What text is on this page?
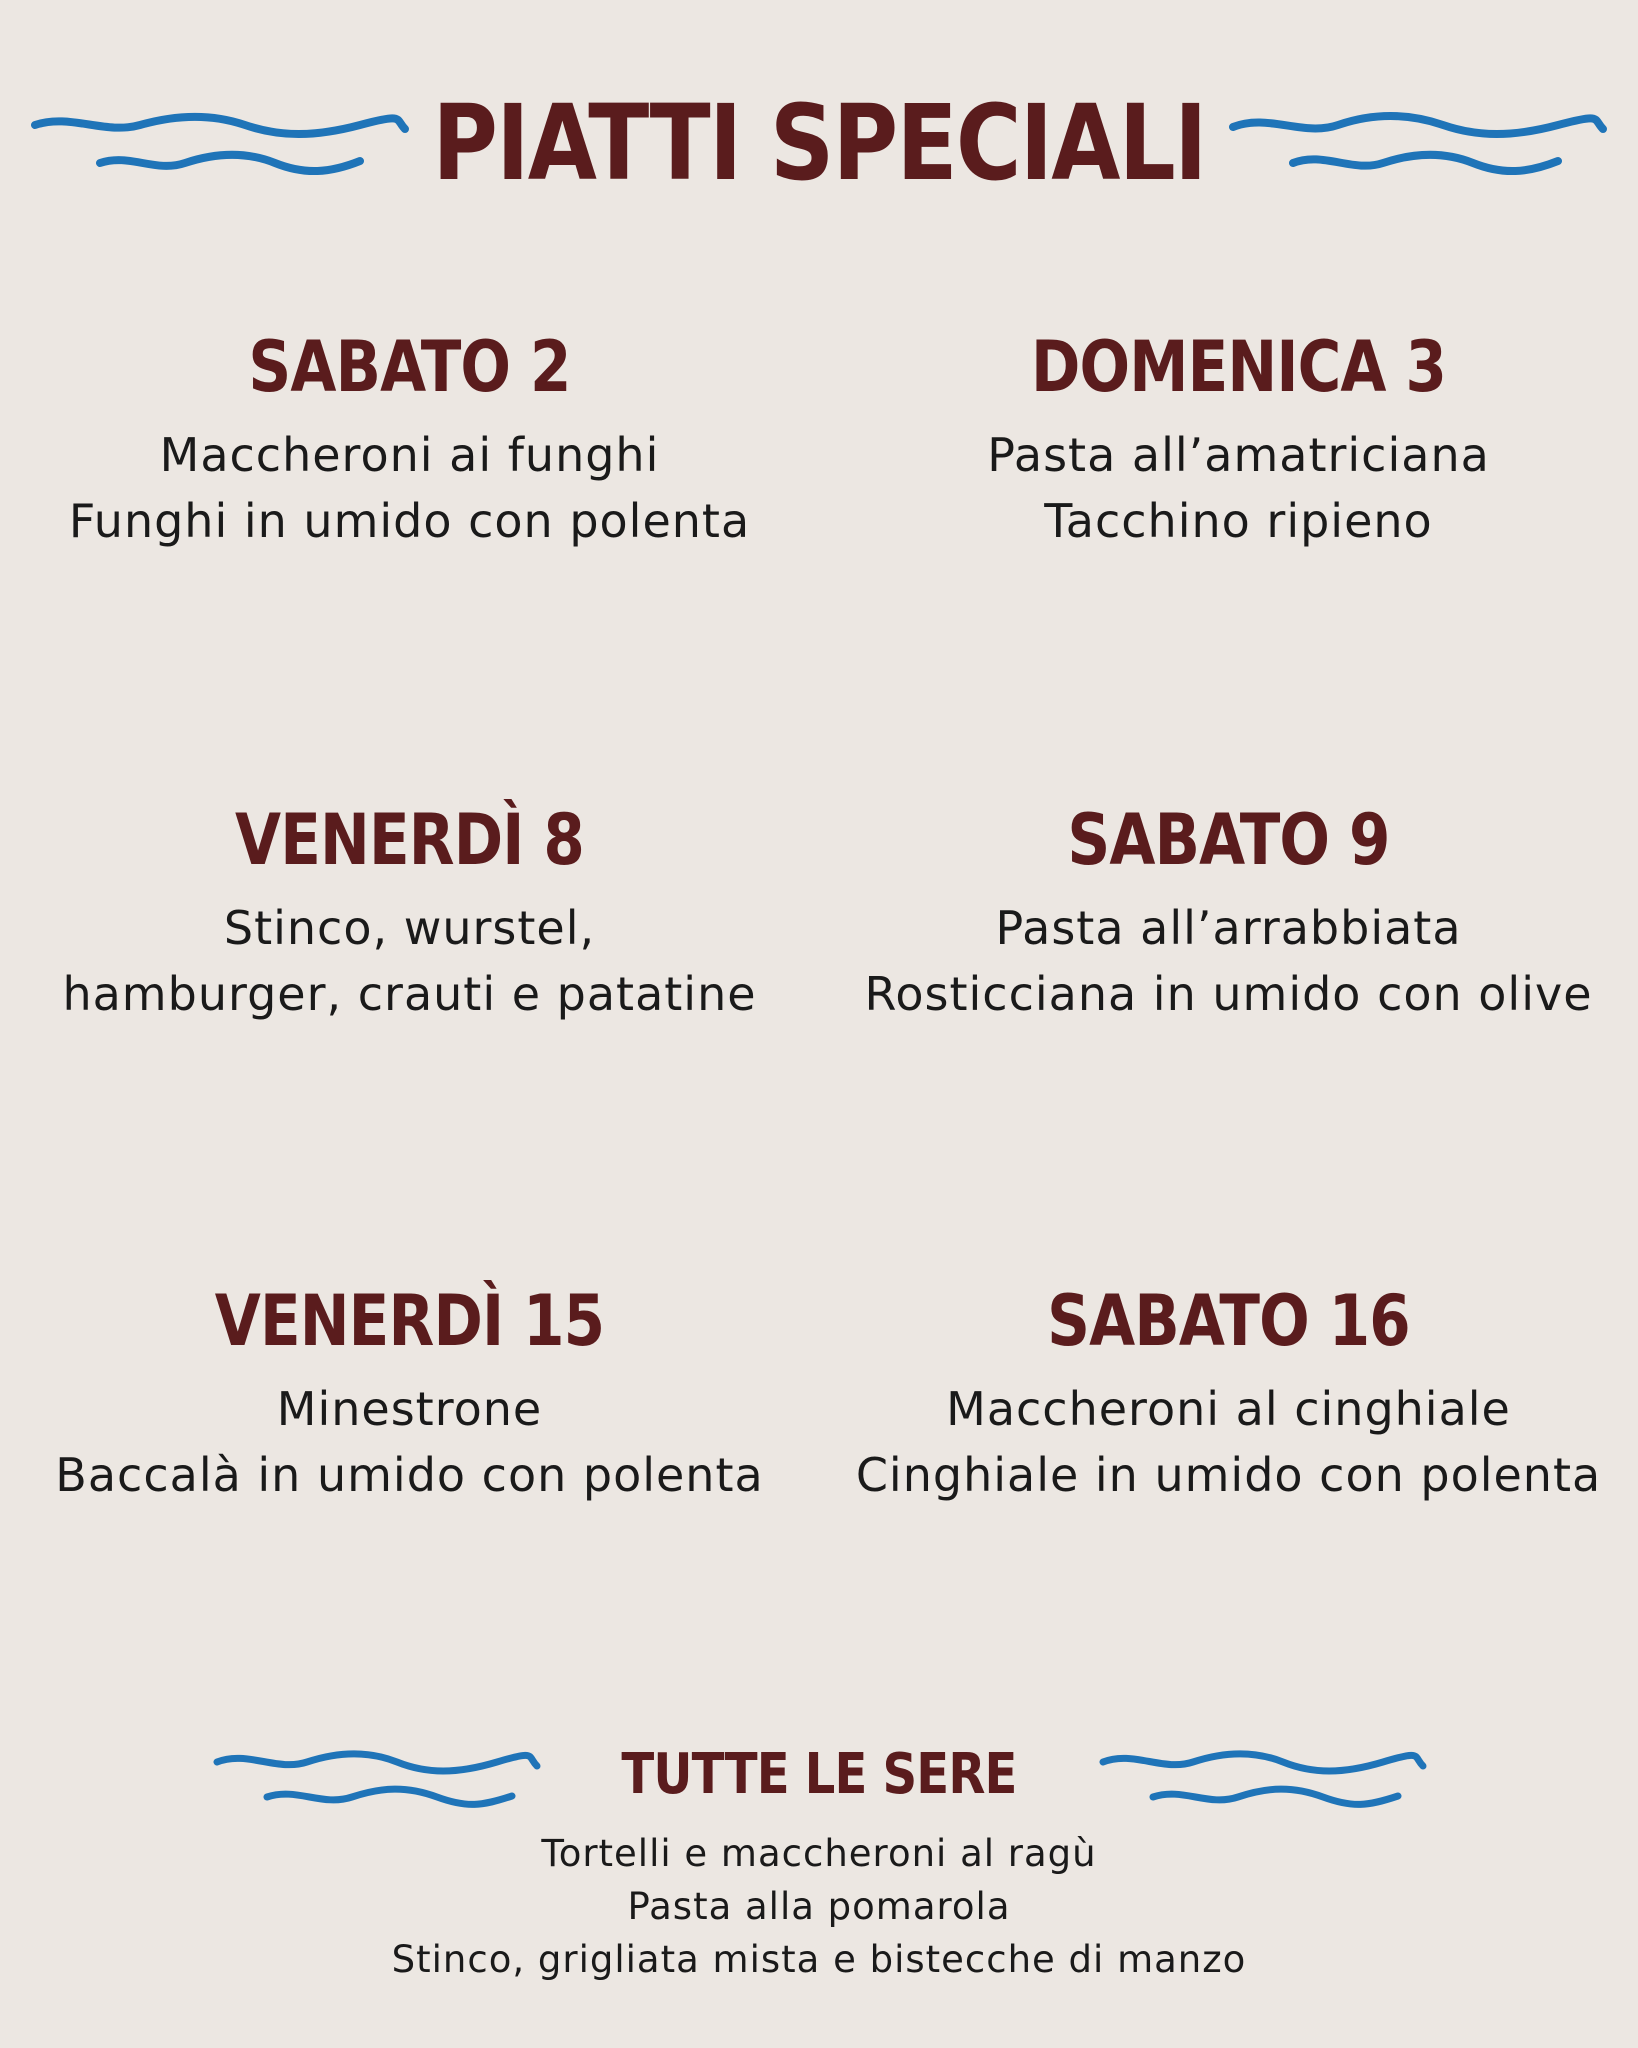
PIATTI SPECIALI
SABATO 2
Maccheroni ai funghi
Funghi in umido con polenta
DOMENICA 3
Pasta all’amatriciana
Tacchino ripieno
VENERDÌ 8
Stinco, wurstel,
hamburger, crauti e patatine
SABATO 9
Pasta all’arrabbiata
Rosticciana in umido con olive
VENERDÌ 15
Minestrone
Baccalà in umido con polenta
SABATO 16
Maccheroni al cinghiale
Cinghiale in umido con polenta
TUTTE LE SERE
Tortelli e maccheroni al ragù
Pasta alla pomarola
Stinco, grigliata mista e bistecche di manzo
